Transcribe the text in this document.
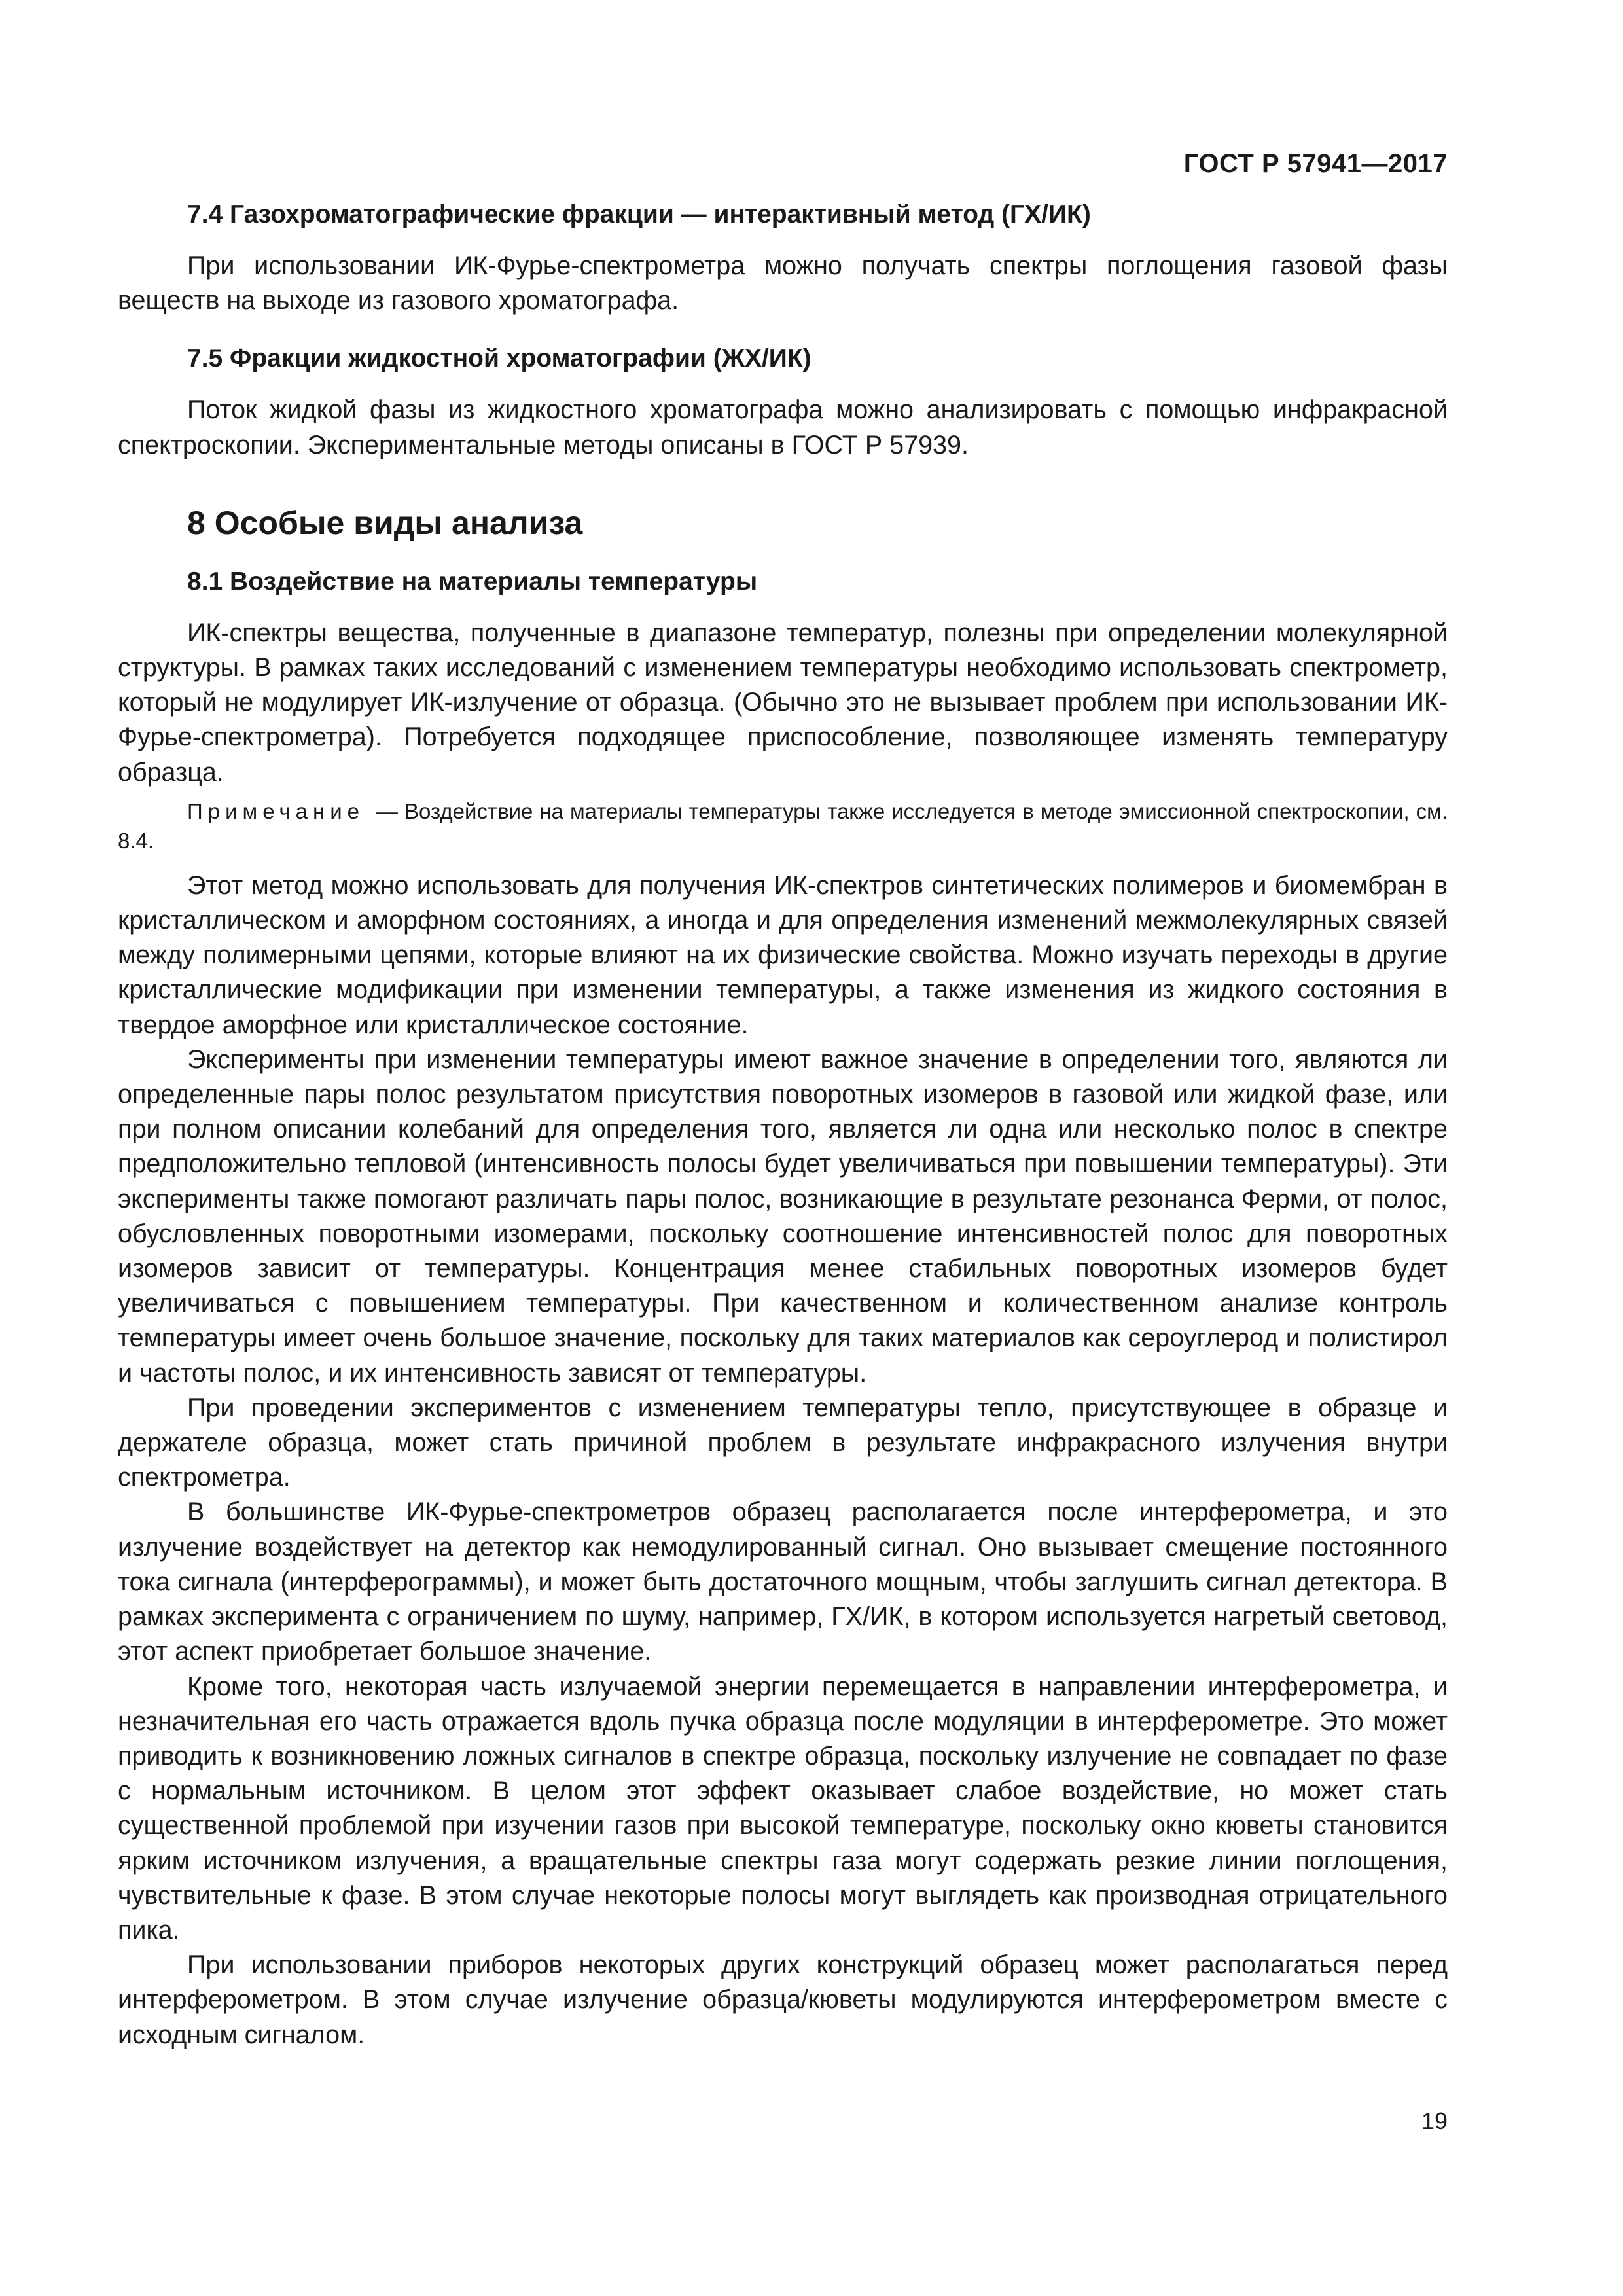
ГОСТ Р 57941—2017
7.4 Газохроматографические фракции — интерактивный метод (ГХ/ИК)

При использовании ИК-Фурье-спектрометра можно получать спектры поглощения газовой фазы веществ на выходе из газового хроматографа.

7.5 Фракции жидкостной хроматографии (ЖХ/ИК)

Поток жидкой фазы из жидкостного хроматографа можно анализировать с помощью инфракрасной спектроскопии. Экспериментальные методы описаны в ГОСТ Р 57939.

8 Особые виды анализа
8.1 Воздействие на материалы температуры

ИК-спектры вещества, полученные в диапазоне температур, полезны при определении молекулярной структуры. В рамках таких исследований с изменением температуры необходимо использовать спектрометр, который не модулирует ИК-излучение от образца. (Обычно это не вызывает проблем при использовании ИК-Фурье-спектрометра). Потребуется подходящее приспособление, позволяющее изменять температуру образца.

Примечание — Воздействие на материалы температуры также исследуется в методе эмиссионной спектроскопии, см. 8.4.

Этот метод можно использовать для получения ИК-спектров синтетических полимеров и биомембран в кристаллическом и аморфном состояниях, а иногда и для определения изменений межмолекулярных связей между полимерными цепями, которые влияют на их физические свойства. Можно изучать переходы в другие кристаллические модификации при изменении температуры, а также изменения из жидкого состояния в твердое аморфное или кристаллическое состояние.

Эксперименты при изменении температуры имеют важное значение в определении того, являются ли определенные пары полос результатом присутствия поворотных изомеров в газовой или жидкой фазе, или при полном описании колебаний для определения того, является ли одна или несколько полос в спектре предположительно тепловой (интенсивность полосы будет увеличиваться при повышении температуры). Эти эксперименты также помогают различать пары полос, возникающие в результате резонанса Ферми, от полос, обусловленных поворотными изомерами, поскольку соотношение интенсивностей полос для поворотных изомеров зависит от температуры. Концентрация менее стабильных поворотных изомеров будет увеличиваться с повышением температуры. При качественном и количественном анализе контроль температуры имеет очень большое значение, поскольку для таких материалов как сероуглерод и полистирол и частоты полос, и их интенсивность зависят от температуры.

При проведении экспериментов с изменением температуры тепло, присутствующее в образце и держателе образца, может стать причиной проблем в результате инфракрасного излучения внутри спектрометра.

В большинстве ИК-Фурье-спектрометров образец располагается после интерферометра, и это излучение воздействует на детектор как немодулированный сигнал. Оно вызывает смещение постоянного тока сигнала (интерферограммы), и может быть достаточного мощным, чтобы заглушить сигнал детектора. В рамках эксперимента с ограничением по шуму, например, ГХ/ИК, в котором используется нагретый световод, этот аспект приобретает большое значение.

Кроме того, некоторая часть излучаемой энергии перемещается в направлении интерферометра, и незначительная его часть отражается вдоль пучка образца после модуляции в интерферометре. Это может приводить к возникновению ложных сигналов в спектре образца, поскольку излучение не совпадает по фазе с нормальным источником. В целом этот эффект оказывает слабое воздействие, но может стать существенной проблемой при изучении газов при высокой температуре, поскольку окно кюветы становится ярким источником излучения, а вращательные спектры газа могут содержать резкие линии поглощения, чувствительные к фазе. В этом случае некоторые полосы могут выглядеть как производная отрицательного пика.

При использовании приборов некоторых других конструкций образец может располагаться перед интерферометром. В этом случае излучение образца/кюветы модулируются интерферометром вместе с исходным сигналом.

19
